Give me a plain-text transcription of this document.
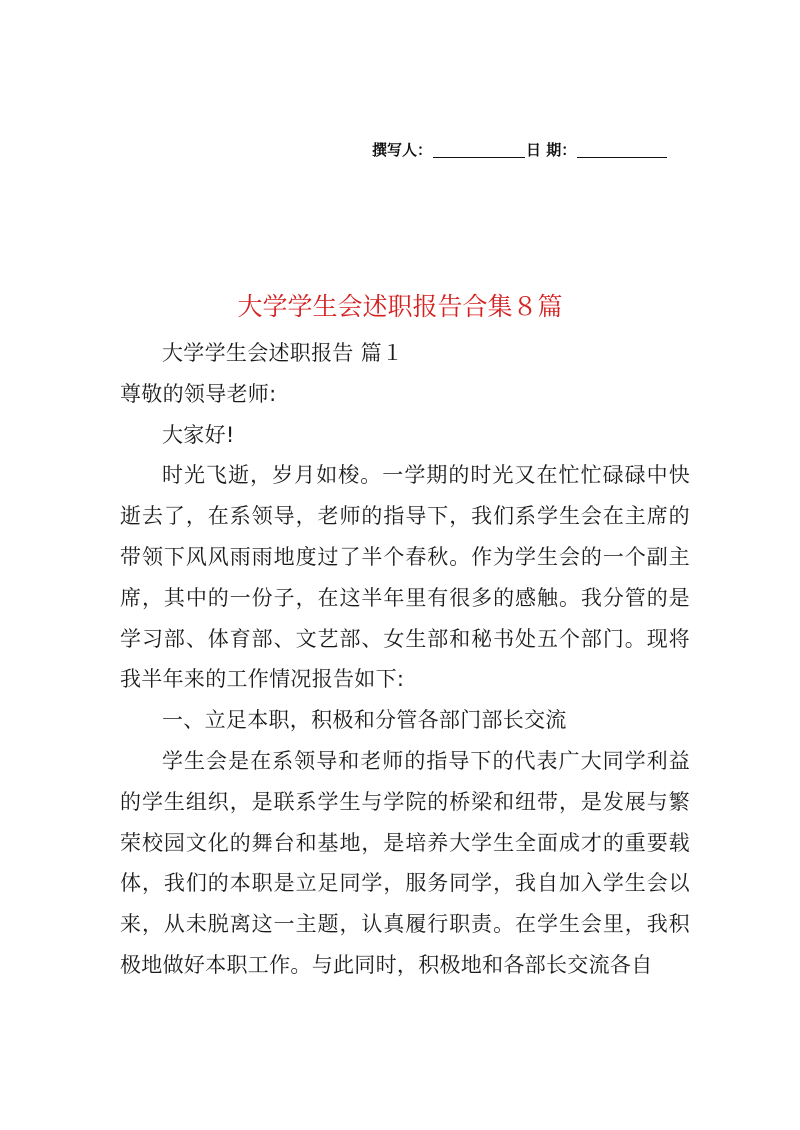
撰写人：	日 期：
大学学生会述职报告合集８篇

大学学生会述职报告 篇１

尊敬的领导老师:

大家好!

时光飞逝，岁月如梭。一学期的时光又在忙忙碌碌中快逝去了，在系领导，老师的指导下，我们系学生会在主席的带领下风风雨雨地度过了半个春秋。作为学生会的一个副主席，其中的一份子，在这半年里有很多的感触。我分管的是学习部、体育部、文艺部、女生部和秘书处五个部门。现将我半年来的工作情况报告如下:

一、立足本职，积极和分管各部门部长交流

学生会是在系领导和老师的指导下的代表广大同学利益的学生组织，是联系学生与学院的桥梁和纽带，是发展与繁荣校园文化的舞台和基地，是培养大学生全面成才的重要载体，我们的本职是立足同学，服务同学，我自加入学生会以来，从未脱离这一主题，认真履行职责。在学生会里，我积极地做好本职工作。与此同时，积极地和各部长交流各自
